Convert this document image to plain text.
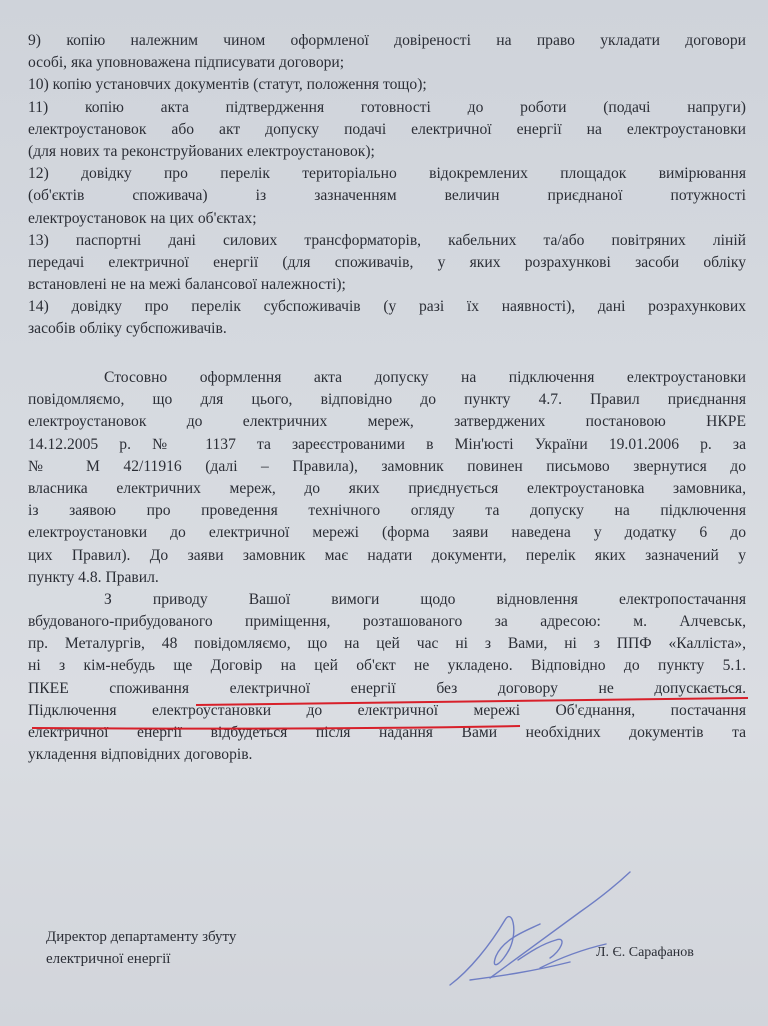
9) копію належним чином оформленої довіреності на право укладати договори
особі, яка уповноважена підписувати договори;
10) копію установчих документів (статут, положення тощо);
11) копію акта підтвердження готовності до роботи (подачі напруги)
електроустановок або акт допуску подачі електричної енергії на електроустановки
(для нових та реконструйованих електроустановок);
12) довідку про перелік територіально відокремлених площадок вимірювання
(об'єктів споживача) із зазначенням величин приєднаної потужності
електроустановок на цих об'єктах;
13) паспортні дані силових трансформаторів, кабельних та/або повітряних ліній
передачі електричної енергії (для споживачів, у яких розрахункові засоби обліку
встановлені не на межі балансової належності);
14) довідку про перелік субспоживачів (у разі їх наявності), дані розрахункових
засобів обліку субспоживачів.
Стосовно оформлення акта допуску на підключення електроустановки
повідомляємо, що для цього, відповідно до пункту 4.7. Правил приєднання
електроустановок до електричних мереж, затверджених постановою НКРЕ
14.12.2005 р. № 1137 та зареєстрованими в Мін'юсті України 19.01.2006 р. за
№ М 42/11916 (далі – Правила), замовник повинен письмово звернутися до
власника електричних мереж, до яких приєднується електроустановка замовника,
із заявою про проведення технічного огляду та допуску на підключення
електроустановки до електричної мережі (форма заяви наведена у додатку 6 до
цих Правил). До заяви замовник має надати документи, перелік яких зазначений у
пункту 4.8. Правил.
З приводу Вашої вимоги щодо відновлення електропостачання
вбудованого-прибудованого приміщення, розташованого за адресою: м. Алчевськ,
пр. Металургів, 48 повідомляємо, що на цей час ні з Вами, ні з ППФ «Калліста»,
ні з кім-небудь ще Договір на цей об'єкт не укладено. Відповідно до пункту 5.1.
ПКЕЕ споживання електричної енергії без договору не допускається.
Підключення електроустановки до електричної мережі Об'єднання, постачання
електричної енергії відбудеться після надання Вами необхідних документів та
укладення відповідних договорів.
Директор департаменту збуту
електричної енергії	Л. Є. Сарафанов
